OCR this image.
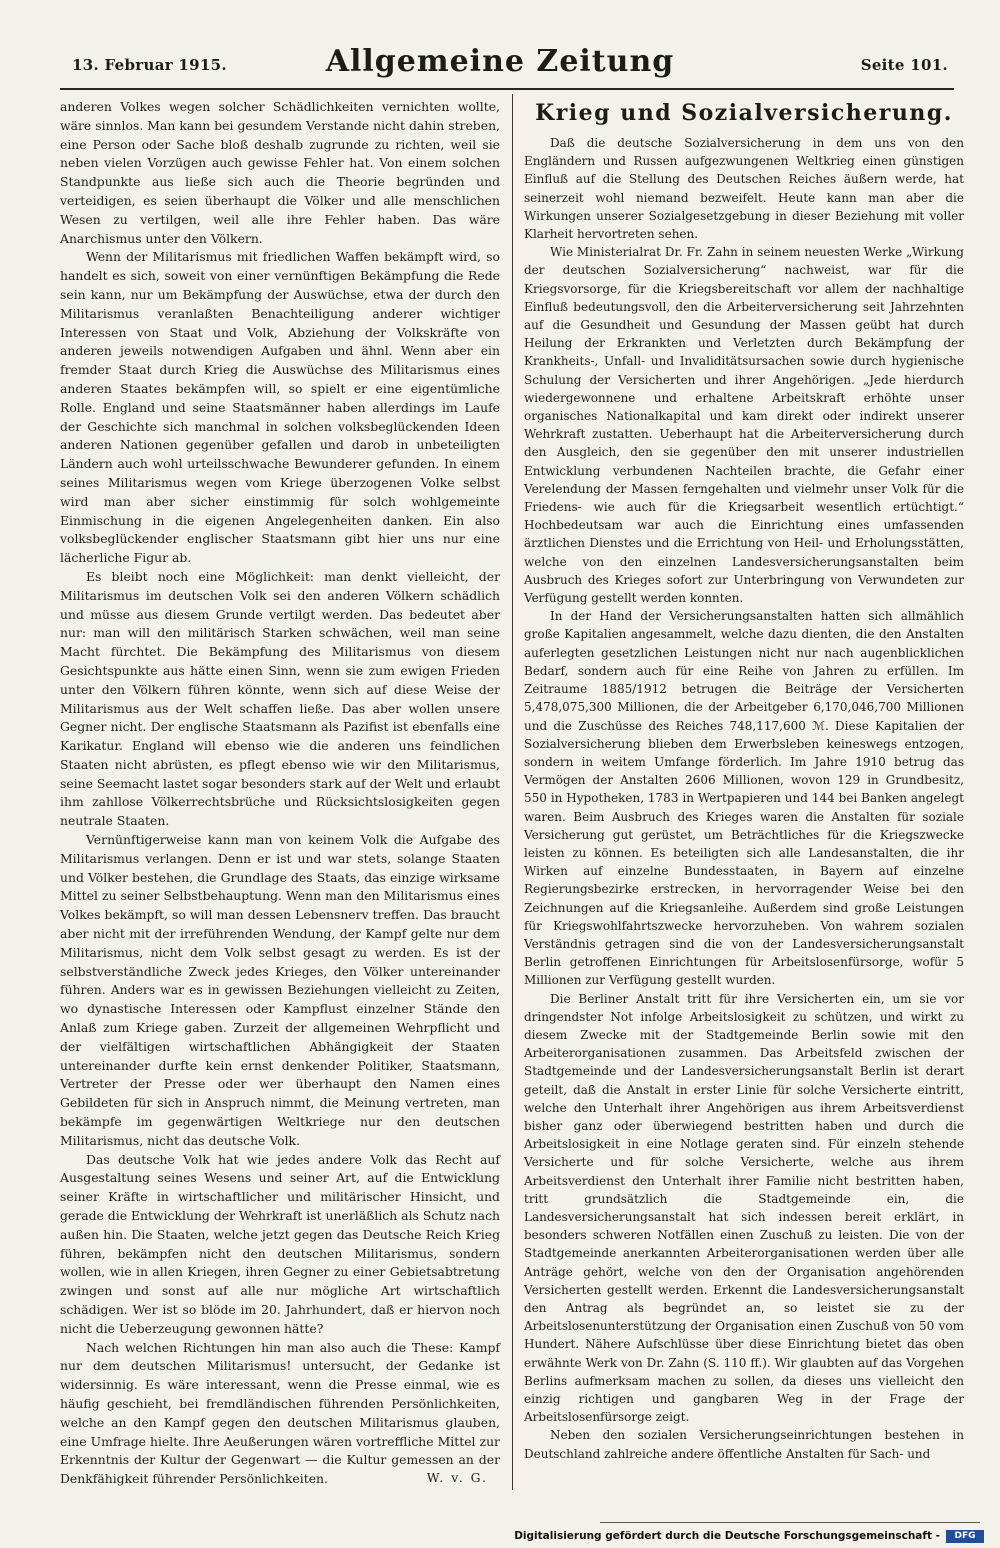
13. Februar 1915.	Allgemeine Zeitung	Seite 101.

anderen Volkes wegen solcher Schädlichkeiten vernichten wollte, wäre sinnlos. Man kann bei gesundem Verstande nicht dahin streben, eine Person oder Sache bloß deshalb zugrunde zu richten, weil sie neben vielen Vorzügen auch gewisse Fehler hat. Von einem solchen Standpunkte aus ließe sich auch die Theorie begründen und verteidigen, es seien überhaupt die Völker und alle menschlichen Wesen zu vertilgen, weil alle ihre Fehler haben. Das wäre Anarchismus unter den Völkern.

Wenn der Militarismus mit friedlichen Waffen bekämpft wird, so handelt es sich, soweit von einer vernünftigen Bekämpfung die Rede sein kann, nur um Bekämpfung der Auswüchse, etwa der durch den Militarismus veranlaßten Benachteiligung anderer wichtiger Interessen von Staat und Volk, Abziehung der Volkskräfte von anderen jeweils notwendigen Aufgaben und ähnl. Wenn aber ein fremder Staat durch Krieg die Auswüchse des Militarismus eines anderen Staates bekämpfen will, so spielt er eine eigentümliche Rolle. England und seine Staatsmänner haben allerdings im Laufe der Geschichte sich manchmal in solchen volksbeglückenden Ideen anderen Nationen gegenüber gefallen und darob in unbeteiligten Ländern auch wohl urteilsschwache Bewunderer gefunden. In einem seines Militarismus wegen vom Kriege überzogenen Volke selbst wird man aber sicher einstimmig für solch wohlgemeinte Einmischung in die eigenen Angelegenheiten danken. Ein also volksbeglückender englischer Staatsmann gibt hier uns nur eine lächerliche Figur ab.

Es bleibt noch eine Möglichkeit: man denkt vielleicht, der Militarismus im deutschen Volk sei den anderen Völkern schädlich und müsse aus diesem Grunde vertilgt werden. Das bedeutet aber nur: man will den militärisch Starken schwächen, weil man seine Macht fürchtet. Die Bekämpfung des Militarismus von diesem Gesichtspunkte aus hätte einen Sinn, wenn sie zum ewigen Frieden unter den Völkern führen könnte, wenn sich auf diese Weise der Militarismus aus der Welt schaffen ließe. Das aber wollen unsere Gegner nicht. Der englische Staatsmann als Pazifist ist ebenfalls eine Karikatur. England will ebenso wie die anderen uns feindlichen Staaten nicht abrüsten, es pflegt ebenso wie wir den Militarismus, seine Seemacht lastet sogar besonders stark auf der Welt und erlaubt ihm zahllose Völkerrechtsbrüche und Rücksichtslosigkeiten gegen neutrale Staaten.

Vernünftigerweise kann man von keinem Volk die Aufgabe des Militarismus verlangen. Denn er ist und war stets, solange Staaten und Völker bestehen, die Grundlage des Staats, das einzige wirksame Mittel zu seiner Selbstbehauptung. Wenn man den Militarismus eines Volkes bekämpft, so will man dessen Lebensnerv treffen. Das braucht aber nicht mit der irreführenden Wendung, der Kampf gelte nur dem Militarismus, nicht dem Volk selbst gesagt zu werden. Es ist der selbstverständliche Zweck jedes Krieges, den Völker untereinander führen. Anders war es in gewissen Beziehungen vielleicht zu Zeiten, wo dynastische Interessen oder Kampflust einzelner Stände den Anlaß zum Kriege gaben. Zurzeit der allgemeinen Wehrpflicht und der vielfältigen wirtschaftlichen Abhängigkeit der Staaten untereinander durfte kein ernst denkender Politiker, Staatsmann, Vertreter der Presse oder wer überhaupt den Namen eines Gebildeten für sich in Anspruch nimmt, die Meinung vertreten, man bekämpfe im gegenwärtigen Weltkriege nur den deutschen Militarismus, nicht das deutsche Volk.

Das deutsche Volk hat wie jedes andere Volk das Recht auf Ausgestaltung seines Wesens und seiner Art, auf die Entwicklung seiner Kräfte in wirtschaftlicher und militärischer Hinsicht, und gerade die Entwicklung der Wehrkraft ist unerläßlich als Schutz nach außen hin. Die Staaten, welche jetzt gegen das Deutsche Reich Krieg führen, bekämpfen nicht den deutschen Militarismus, sondern wollen, wie in allen Kriegen, ihren Gegner zu einer Gebietsabtretung zwingen und sonst auf alle nur mögliche Art wirtschaftlich schädigen. Wer ist so blöde im 20. Jahrhundert, daß er hiervon noch nicht die Ueberzeugung gewonnen hätte?

Nach welchen Richtungen hin man also auch die These: Kampf nur dem deutschen Militarismus! untersucht, der Gedanke ist widersinnig. Es wäre interessant, wenn die Presse einmal, wie es häufig geschieht, bei fremdländischen führenden Persönlichkeiten, welche an den Kampf gegen den deutschen Militarismus glauben, eine Umfrage hielte. Ihre Aeußerungen wären vortreffliche Mittel zur Erkenntnis der Kultur der Gegenwart — die Kultur gemessen an der Denkfähigkeit führender Persönlichkeiten.	W. v. G.

Krieg und Sozialversicherung.

Daß die deutsche Sozialversicherung in dem uns von den Engländern und Russen aufgezwungenen Weltkrieg einen günstigen Einfluß auf die Stellung des Deutschen Reiches äußern werde, hat seinerzeit wohl niemand bezweifelt. Heute kann man aber die Wirkungen unserer Sozialgesetzgebung in dieser Beziehung mit voller Klarheit hervortreten sehen.

Wie Ministerialrat Dr. Fr. Zahn in seinem neuesten Werke „Wirkung der deutschen Sozialversicherung“ nachweist, war für die Kriegsvorsorge, für die Kriegsbereitschaft vor allem der nachhaltige Einfluß bedeutungsvoll, den die Arbeiterversicherung seit Jahrzehnten auf die Gesundheit und Gesundung der Massen geübt hat durch Heilung der Erkrankten und Verletzten durch Bekämpfung der Krankheits-, Unfall- und Invaliditätsursachen sowie durch hygienische Schulung der Versicherten und ihrer Angehörigen. „Jede hierdurch wiedergewonnene und erhaltene Arbeitskraft erhöhte unser organisches Nationalkapital und kam direkt oder indirekt unserer Wehrkraft zustatten. Ueberhaupt hat die Arbeiterversicherung durch den Ausgleich, den sie gegenüber den mit unserer industriellen Entwicklung verbundenen Nachteilen brachte, die Gefahr einer Verelendung der Massen ferngehalten und vielmehr unser Volk für die Friedens- wie auch für die Kriegsarbeit wesentlich ertüchtigt.“ Hochbedeutsam war auch die Einrichtung eines umfassenden ärztlichen Dienstes und die Errichtung von Heil- und Erholungsstätten, welche von den einzelnen Landesversicherungsanstalten beim Ausbruch des Krieges sofort zur Unterbringung von Verwundeten zur Verfügung gestellt werden konnten.

In der Hand der Versicherungsanstalten hatten sich allmählich große Kapitalien angesammelt, welche dazu dienten, die den Anstalten auferlegten gesetzlichen Leistungen nicht nur nach augenblicklichen Bedarf, sondern auch für eine Reihe von Jahren zu erfüllen. Im Zeitraume 1885/1912 betrugen die Beiträge der Versicherten 5,478,075,300 Millionen, die der Arbeitgeber 6,170,046,700 Millionen und die Zuschüsse des Reiches 748,117,600 ℳ. Diese Kapitalien der Sozialversicherung blieben dem Erwerbsleben keineswegs entzogen, sondern in weitem Umfange förderlich. Im Jahre 1910 betrug das Vermögen der Anstalten 2606 Millionen, wovon 129 in Grundbesitz, 550 in Hypotheken, 1783 in Wertpapieren und 144 bei Banken angelegt waren. Beim Ausbruch des Krieges waren die Anstalten für soziale Versicherung gut gerüstet, um Beträchtliches für die Kriegszwecke leisten zu können. Es beteiligten sich alle Landesanstalten, die ihr Wirken auf einzelne Bundesstaaten, in Bayern auf einzelne Regierungsbezirke erstrecken, in hervorragender Weise bei den Zeichnungen auf die Kriegsanleihe. Außerdem sind große Leistungen für Kriegswohlfahrtszwecke hervorzuheben. Von wahrem sozialen Verständnis getragen sind die von der Landesversicherungsanstalt Berlin getroffenen Einrichtungen für Arbeitslosenfürsorge, wofür 5 Millionen zur Verfügung gestellt wurden.

Die Berliner Anstalt tritt für ihre Versicherten ein, um sie vor dringendster Not infolge Arbeitslosigkeit zu schützen, und wirkt zu diesem Zwecke mit der Stadtgemeinde Berlin sowie mit den Arbeiterorganisationen zusammen. Das Arbeitsfeld zwischen der Stadtgemeinde und der Landesversicherungsanstalt Berlin ist derart geteilt, daß die Anstalt in erster Linie für solche Versicherte eintritt, welche den Unterhalt ihrer Angehörigen aus ihrem Arbeitsverdienst bisher ganz oder überwiegend bestritten haben und durch die Arbeitslosigkeit in eine Notlage geraten sind. Für einzeln stehende Versicherte und für solche Versicherte, welche aus ihrem Arbeitsverdienst den Unterhalt ihrer Familie nicht bestritten haben, tritt grundsätzlich die Stadtgemeinde ein, die Landesversicherungsanstalt hat sich indessen bereit erklärt, in besonders schweren Notfällen einen Zuschuß zu leisten. Die von der Stadtgemeinde anerkannten Arbeiterorganisationen werden über alle Anträge gehört, welche von den der Organisation angehörenden Versicherten gestellt werden. Erkennt die Landesversicherungsanstalt den Antrag als begründet an, so leistet sie zu der Arbeitslosenunterstützung der Organisation einen Zuschuß von 50 vom Hundert. Nähere Aufschlüsse über diese Einrichtung bietet das oben erwähnte Werk von Dr. Zahn (S. 110 ff.). Wir glaubten auf das Vorgehen Berlins aufmerksam machen zu sollen, da dieses uns vielleicht den einzig richtigen und gangbaren Weg in der Frage der Arbeitslosenfürsorge zeigt.

Neben den sozialen Versicherungseinrichtungen bestehen in Deutschland zahlreiche andere öffentliche Anstalten für Sach- und

Digitalisierung gefördert durch die Deutsche Forschungsgemeinschaft -	DFG
